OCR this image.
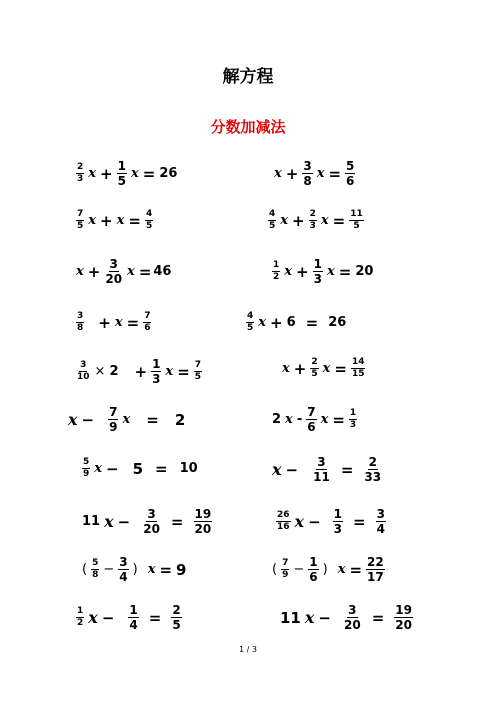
解方程
分数加减法
$\frac{2}{3}$ $x + \frac{1}{5}$ x = 26	$x + \frac{3}{8}$ $x = \frac{5}{6}$
$\frac{7}{5}$ $x + x = \frac{4}{5}$	$\frac{4}{5}$ $x + \frac{2}{3}$ $x = \frac{11}{5}$
$x + \frac{3}{20}$ x = 46	$\frac{1}{2}$ $x + \frac{1}{3}$ x = 20
$\frac{3}{8} + x = \frac{7}{6}$	$\frac{4}{5}$ x + 6 = 26
$\frac{3}{10} \times 2 + \frac{1}{3}$ $x = \frac{7}{5}$	$x + \frac{2}{5}$ $x = \frac{14}{15}$
$x - \frac{7}{9}$ x = 2	2 x - $\frac{7}{6}$ $x = \frac{1}{3}$
$\frac{5}{9}$ x − 5 = 10	$x - \frac{3}{11} = \frac{2}{33}$
11 $x - \frac{3}{20} = \frac{19}{20}$	$\frac{26}{16}$ $x - \frac{1}{3} = \frac{3}{4}$
( $\frac{5}{8} - \frac{3}{4}$ ) x = 9	( $\frac{7}{9} - \frac{1}{6}$ ) $x = \frac{22}{17}$
$\frac{1}{2}$ $x - \frac{1}{4} = \frac{2}{5}$	11 $x - \frac{3}{20} = \frac{19}{20}$
1 / 3
